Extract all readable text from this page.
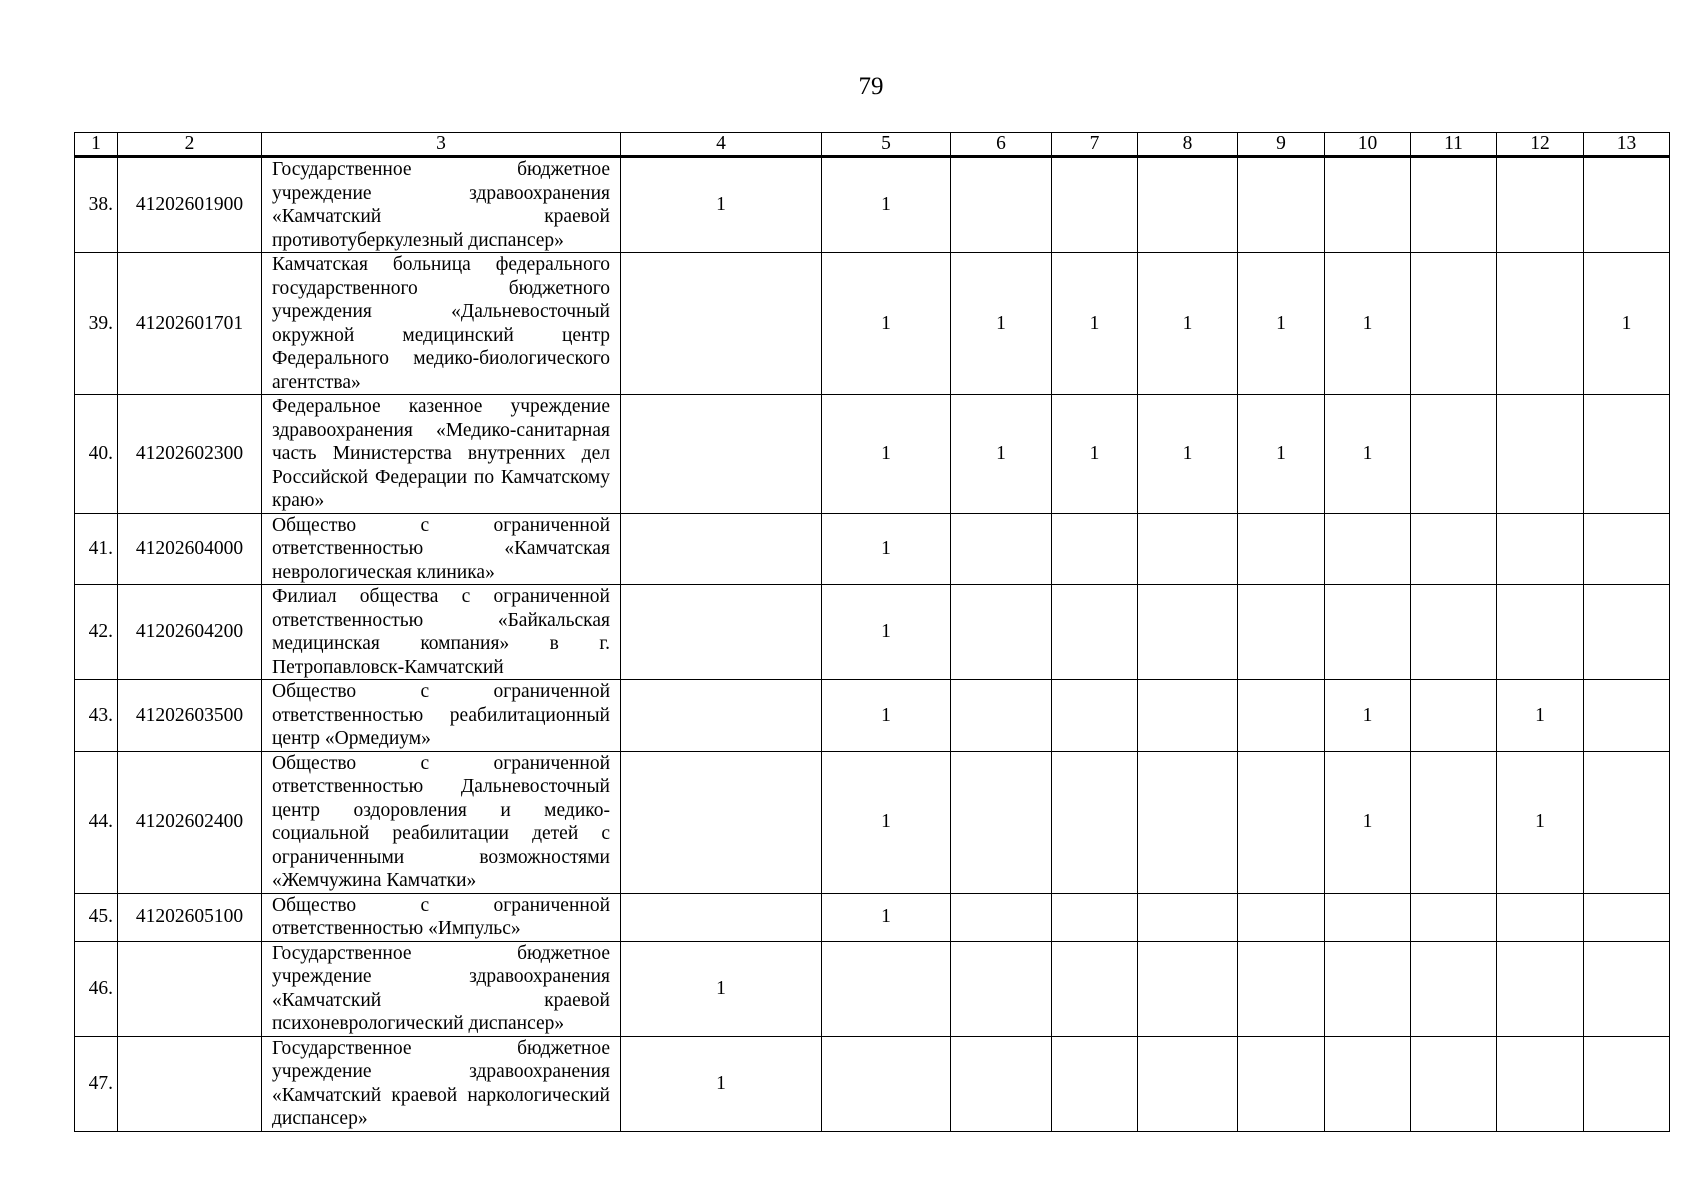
79
1	2	3	4	5	6	7	8	9	10	11	12	13
38.	41202601900	Государственное бюджетное учреждение здравоохранения «Камчатский краевой противотуберкулезный диспансер»	1	1								
39.	41202601701	Камчатская больница федерального государственного бюджетного учреждения «Дальневосточный окружной медицинский центр Федерального медико-биологического агентства»		1	1	1	1	1	1			1
40.	41202602300	Федеральное казенное учреждение здравоохранения «Медико-санитарная часть Министерства внутренних дел Российской Федерации по Камчатскому краю»		1	1	1	1	1	1			
41.	41202604000	Общество с ограниченной ответственностью «Камчатская неврологическая клиника»		1								
42.	41202604200	Филиал общества с ограниченной ответственностью «Байкальская медицинская компания» в г. Петропавловск-Камчатский		1								
43.	41202603500	Общество с ограниченной ответственностью реабилитационный центр «Ормедиум»		1					1		1	
44.	41202602400	Общество с ограниченной ответственностью Дальневосточный центр оздоровления и медико-социальной реабилитации детей с ограниченными возможностями «Жемчужина Камчатки»		1					1		1	
45.	41202605100	Общество с ограниченной ответственностью «Импульс»		1								
46.		Государственное бюджетное учреждение здравоохранения «Камчатский краевой психоневрологический диспансер»	1									
47.		Государственное бюджетное учреждение здравоохранения «Камчатский краевой наркологический диспансер»	1									
